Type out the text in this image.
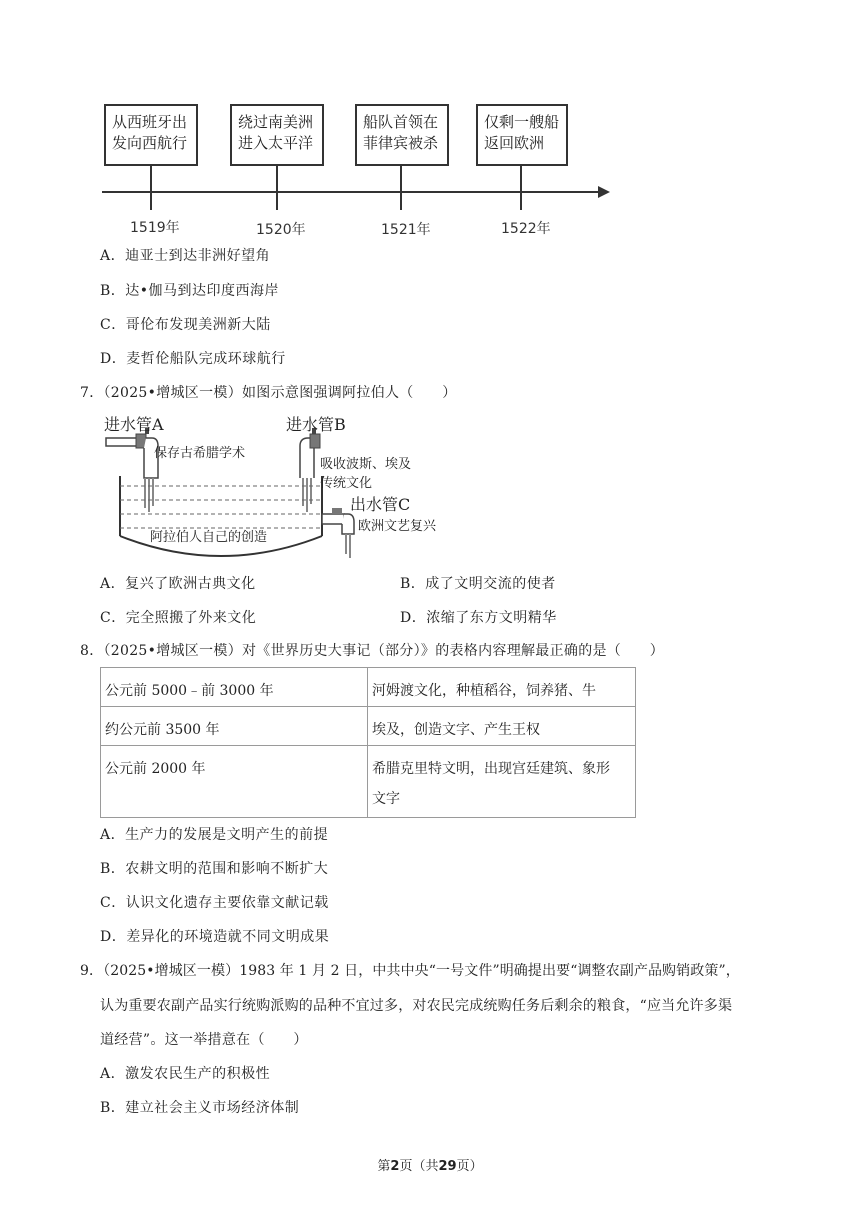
从西班牙出
发向西航行
绕过南美洲
进入太平洋
船队首领在
菲律宾被杀
仅剩一艘船
返回欧洲
1519年	1520年	1521年	1522年
A．迪亚士到达非洲好望角
B．达•伽马到达印度西海岸
C．哥伦布发现美洲新大陆
D．麦哲伦船队完成环球航行
7．（2025•增城区一模）如图示意图强调阿拉伯人（　　）
进水管A	进水管B
保存古希腊学术
吸收波斯、埃及
传统文化
出水管C
欧洲文艺复兴
阿拉伯人自己的创造
A．复兴了欧洲古典文化	B．成了文明交流的使者
C．完全照搬了外来文化	D．浓缩了东方文明精华
8．（2025•增城区一模）对《世界历史大事记（部分）》的表格内容理解最正确的是（　　）
公元前 5000﹣前 3000 年	河姆渡文化，种植稻谷，饲养猪、牛
约公元前 3500 年	埃及，创造文字、产生王权
公元前 2000 年	希腊克里特文明，出现宫廷建筑、象形
文字
A．生产力的发展是文明产生的前提
B．农耕文明的范围和影响不断扩大
C．认识文化遗存主要依靠文献记载
D．差异化的环境造就不同文明成果
9．（2025•增城区一模）1983 年 1 月 2 日，中共中央“一号文件”明确提出要“调整农副产品购销政策”，
认为重要农副产品实行统购派购的品种不宜过多，对农民完成统购任务后剩余的粮食，“应当允许多渠
道经营”。这一举措意在（　　）
A．激发农民生产的积极性
B．建立社会主义市场经济体制
第2页（共29页）
